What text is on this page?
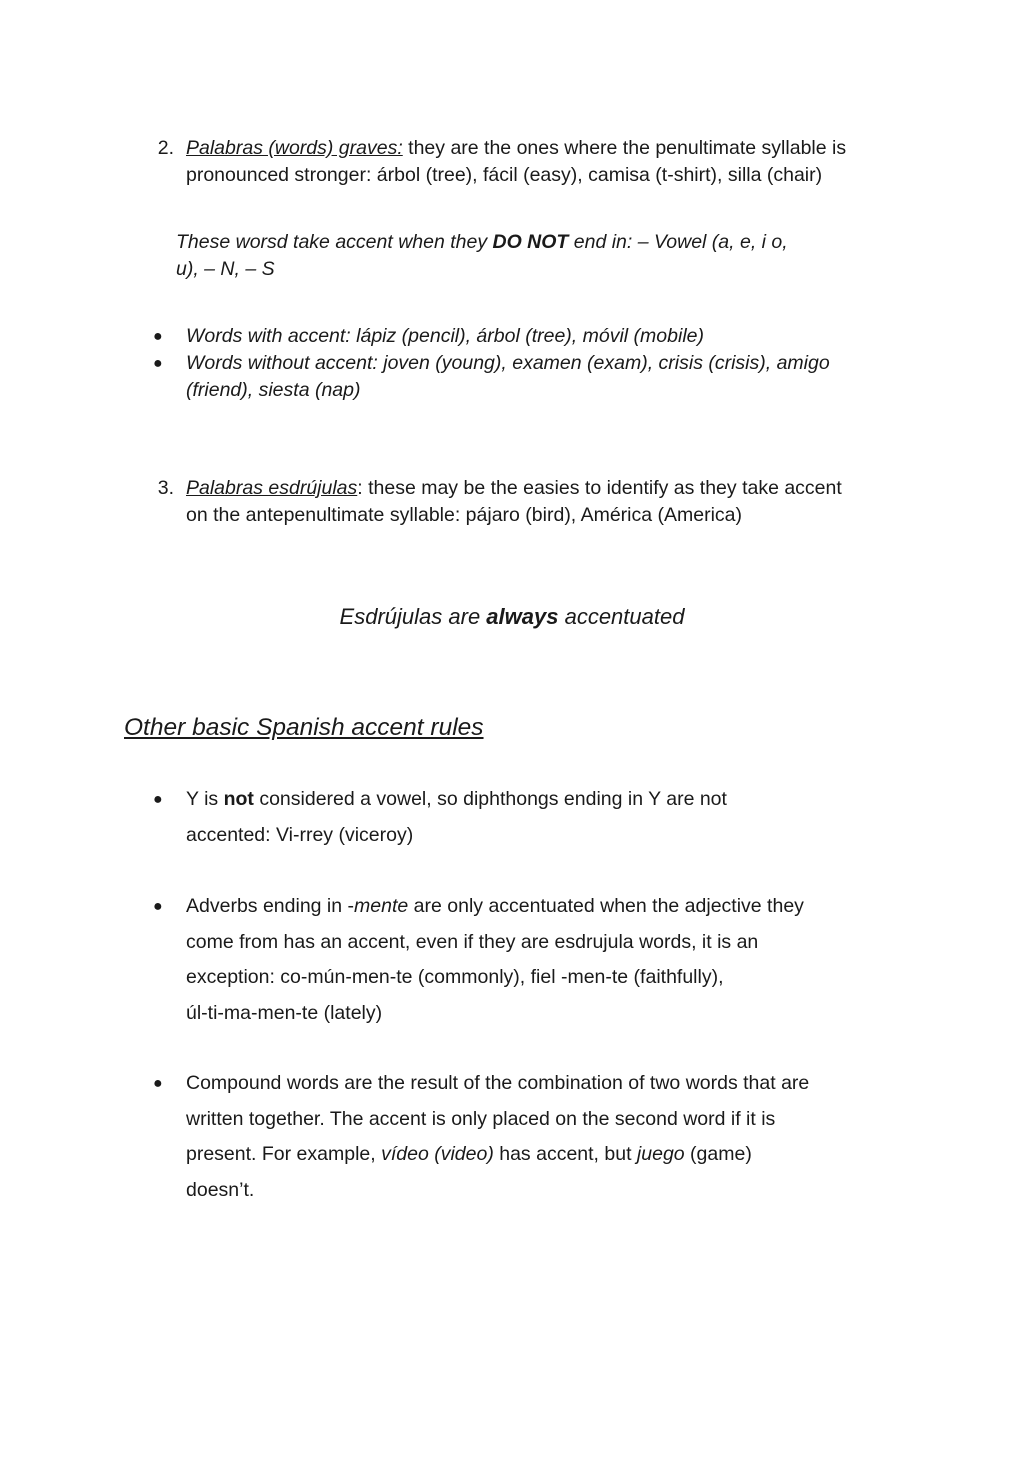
2. Palabras (words) graves: they are the ones where the penultimate syllable is
pronounced stronger: árbol (tree), fácil (easy), camisa (t-shirt), silla (chair)
These worsd take accent when they DO NOT end in: – Vowel (a, e, i o,
u), – N, – S
● Words with accent: lápiz (pencil), árbol (tree), móvil (mobile)
● Words without accent: joven (young), examen (exam), crisis (crisis), amigo
(friend), siesta (nap)
3. Palabras esdrújulas: these may be the easies to identify as they take accent
on the antepenultimate syllable: pájaro (bird), América (America)
Esdrújulas are always accentuated
Other basic Spanish accent rules
● Y is not considered a vowel, so diphthongs ending in Y are not
accented: Vi-rrey (viceroy)
● Adverbs ending in -mente are only accentuated when the adjective they
come from has an accent, even if they are esdrujula words, it is an
exception: co-mún-men-te (commonly), fiel -men-te (faithfully),
úl-ti-ma-men-te (lately)
● Compound words are the result of the combination of two words that are
written together. The accent is only placed on the second word if it is
present. For example, vídeo (video) has accent, but juego (game)
doesn’t.
